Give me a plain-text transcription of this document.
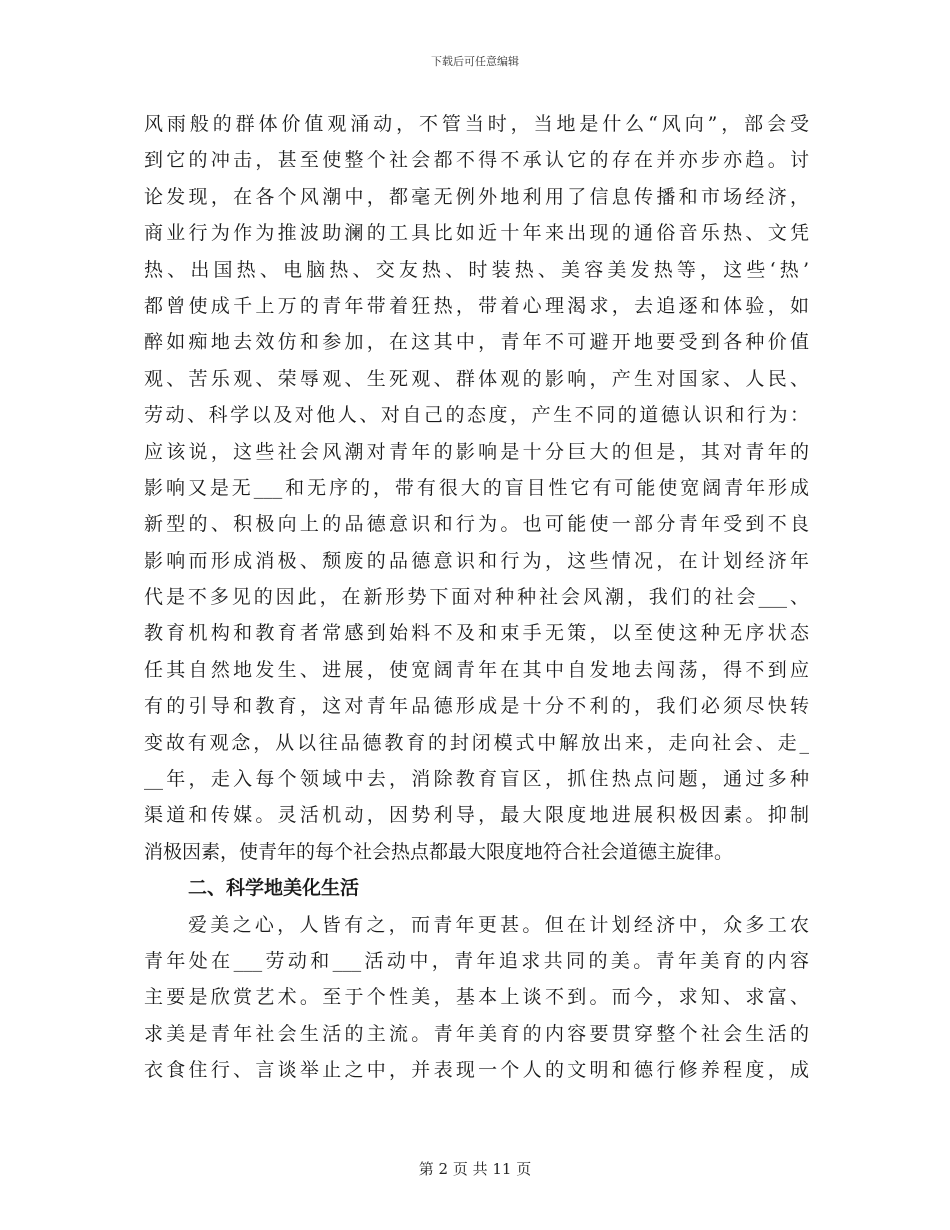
下载后可任意编辑
风雨般的群体价值观涌动，不管当时，当地是什么“风向”，部会受
到它的冲击，甚至使整个社会都不得不承认它的存在并亦步亦趋。讨
论发现，在各个风潮中，都毫无例外地利用了信息传播和市场经济，
商业行为作为推波助澜的工具比如近十年来出现的通俗音乐热、文凭
热、出国热、电脑热、交友热、时装热、美容美发热等，这些‘热’
都曾使成千上万的青年带着狂热，带着心理渴求，去追逐和体验，如
醉如痴地去效仿和参加，在这其中，青年不可避开地要受到各种价值
观、苦乐观、荣辱观、生死观、群体观的影响，产生对国家、人民、
劳动、科学以及对他人、对自己的态度，产生不同的道德认识和行为：
应该说，这些社会风潮对青年的影响是十分巨大的但是，其对青年的
影响又是无___和无序的，带有很大的盲目性它有可能使宽阔青年形成
新型的、积极向上的品德意识和行为。也可能使一部分青年受到不良
影响而形成消极、颓废的品德意识和行为，这些情况，在计划经济年
代是不多见的因此，在新形势下面对种种社会风潮，我们的社会___、
教育机构和教育者常感到始料不及和束手无策，以至使这种无序状态
任其自然地发生、进展，使宽阔青年在其中自发地去闯荡，得不到应
有的引导和教育，这对青年品德形成是十分不利的，我们必须尽快转
变故有观念，从以往品德教育的封闭模式中解放出来，走向社会、走_
__年，走入每个领域中去，消除教育盲区，抓住热点问题，通过多种
渠道和传媒。灵活机动，因势利导，最大限度地进展积极因素。抑制
消极因素，使青年的每个社会热点都最大限度地符合社会道德主旋律。
二、科学地美化生活
爱美之心，人皆有之，而青年更甚。但在计划经济中，众多工农
青年处在___劳动和___活动中，青年追求共同的美。青年美育的内容
主要是欣赏艺术。至于个性美，基本上谈不到。而今，求知、求富、
求美是青年社会生活的主流。青年美育的内容要贯穿整个社会生活的
衣食住行、言谈举止之中，并表现一个人的文明和德行修养程度，成
第 2 页 共 11 页
